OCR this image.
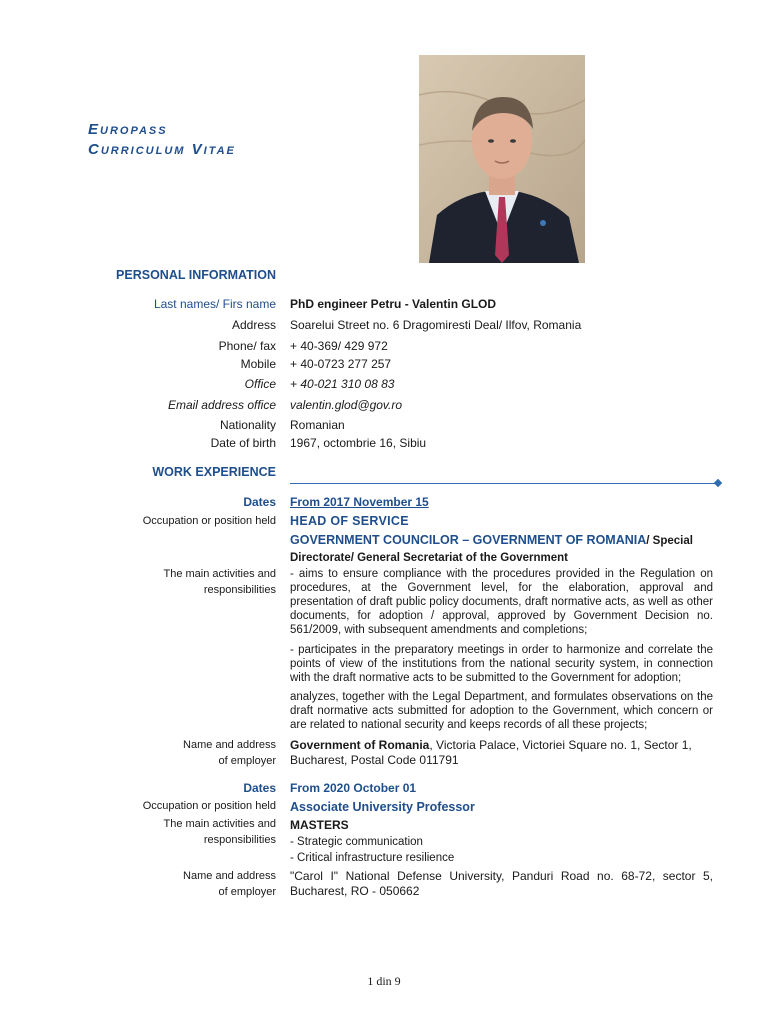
Europass
Curriculum Vitae
PERSONAL INFORMATION
Last names/ Firs name PhD engineer Petru - Valentin GLOD
Address Soarelui Street no. 6 Dragomiresti Deal/ Ilfov, Romania
Phone/ fax + 40-369/ 429 972
Mobile + 40-0723 277 257
Office + 40-021 310 08 83
Email address office valentin.glod@gov.ro
Nationality Romanian
Date of birth 1967, octombrie 16, Sibiu
WORK EXPERIENCE
Dates From 2017 November 15
Occupation or position held HEAD OF SERVICE
GOVERNMENT COUNCILOR – GOVERNMENT OF ROMANIA/ Special
Directorate/ General Secretariat of the Government
The main activities and
responsibilities
- aims to ensure compliance with the procedures provided in the Regulation on procedures, at the Government level, for the elaboration, approval and presentation of draft public policy documents, draft normative acts, as well as other documents, for adoption / approval, approved by Government Decision no. 561/2009, with subsequent amendments and completions;
- participates in the preparatory meetings in order to harmonize and correlate the points of view of the institutions from the national security system, in connection with the draft normative acts to be submitted to the Government for adoption;
analyzes, together with the Legal Department, and formulates observations on the draft normative acts submitted for adoption to the Government, which concern or are related to national security and keeps records of all these projects;
Name and address
of employer
Government of Romania, Victoria Palace, Victoriei Square no. 1, Sector 1,
Bucharest, Postal Code 011791
Dates From 2020 October 01
Occupation or position held Associate University Professor
The main activities and
responsibilities
MASTERS
- Strategic communication
- Critical infrastructure resilience
Name and address
of employer
"Carol I" National Defense University, Panduri Road no. 68-72, sector 5, Bucharest, RO - 050662
1 din 9
